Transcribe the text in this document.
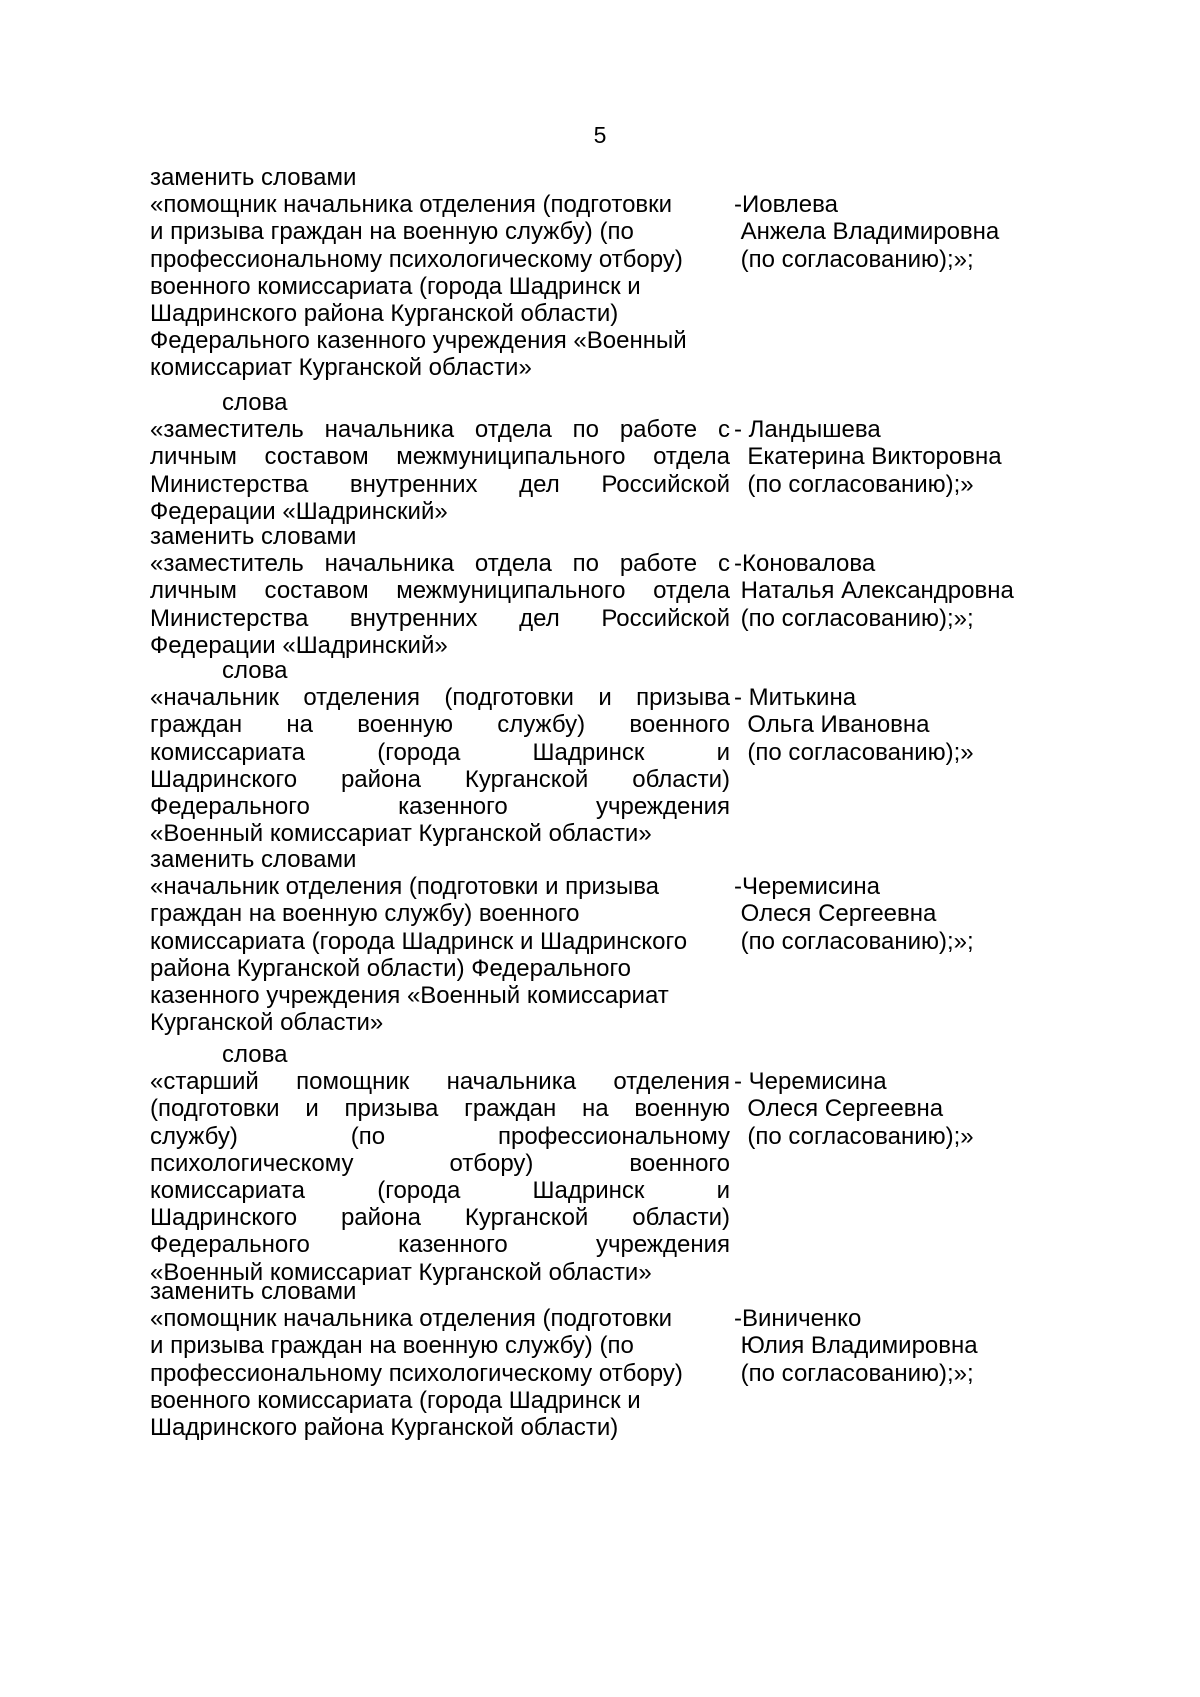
5
заменить словами
«помощник начальника отделения (подготовки
и призыва граждан на военную службу) (по
профессиональному психологическому отбору)
военного комиссариата (города Шадринск и
Шадринского района Курганской области)
Федерального казенного учреждения «Военный
комиссариат Курганской области»
-Иовлева
Анжела Владимировна
(по согласованию);»;
слова
«заместитель начальника отдела по работе с
личным составом межмуниципального отдела
Министерства внутренних дел Российской
Федерации «Шадринский»
- Ландышева
Екатерина Викторовна
(по согласованию);»
заменить словами
«заместитель начальника отдела по работе с
личным составом межмуниципального отдела
Министерства внутренних дел Российской
Федерации «Шадринский»
-Коновалова
Наталья Александровна
(по согласованию);»;
слова
«начальник отделения (подготовки и призыва
граждан на военную службу) военного
комиссариата (города Шадринск и
Шадринского района Курганской области)
Федерального казенного учреждения
«Военный комиссариат Курганской области»
- Митькина
Ольга Ивановна
(по согласованию);»
заменить словами
«начальник отделения (подготовки и призыва
граждан на военную службу) военного
комиссариата (города Шадринск и Шадринского
района Курганской области) Федерального
казенного учреждения «Военный комиссариат
Курганской области»
-Черемисина
Олеся Сергеевна
(по согласованию);»;
слова
«старший помощник начальника отделения
(подготовки и призыва граждан на военную
службу) (по профессиональному
психологическому отбору) военного
комиссариата (города Шадринск и
Шадринского района Курганской области)
Федерального казенного учреждения
«Военный комиссариат Курганской области»
- Черемисина
Олеся Сергеевна
(по согласованию);»
заменить словами
«помощник начальника отделения (подготовки
и призыва граждан на военную службу) (по
профессиональному психологическому отбору)
военного комиссариата (города Шадринск и
Шадринского района Курганской области)
-Виниченко
Юлия Владимировна
(по согласованию);»;
